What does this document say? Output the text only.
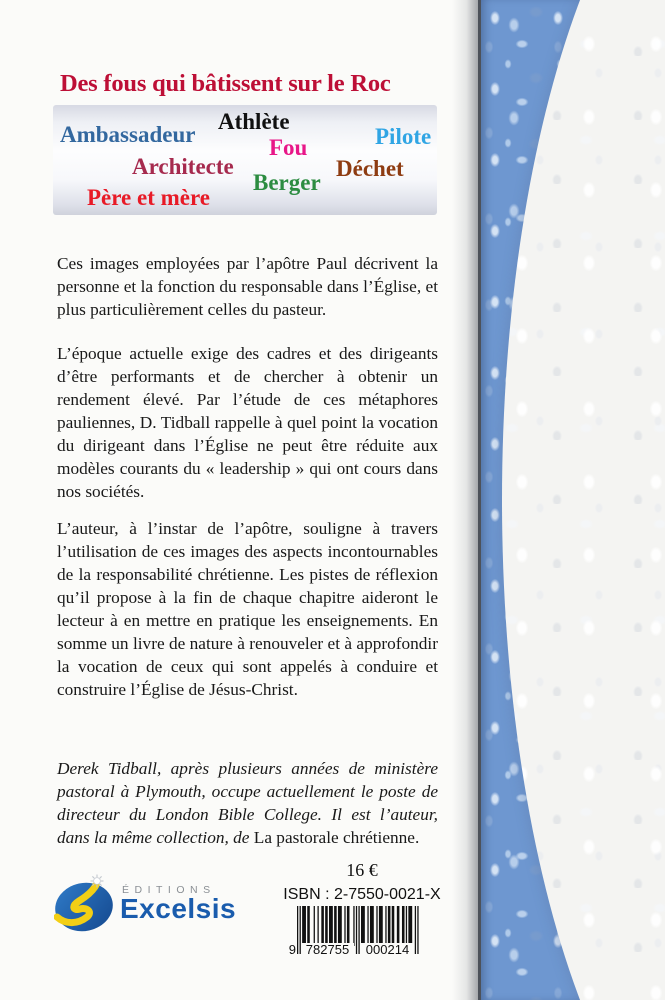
Des fous qui bâtissent sur le Roc
Athlète
Ambassadeur	Pilote
Fou
Architecte	Déchet
Berger
Père et mère

Ces images employées par l’apôtre Paul décrivent la personne et la fonction du responsable dans l’Église, et plus particulièrement celles du pasteur.

L’époque actuelle exige des cadres et des dirigeants d’être performants et de chercher à obtenir un rendement élevé. Par l’étude de ces métaphores pauliennes, D. Tidball rappelle à quel point la vocation du dirigeant dans l’Église ne peut être réduite aux modèles courants du « leadership » qui ont cours dans nos sociétés.

L’auteur, à l’instar de l’apôtre, souligne à travers l’utilisation de ces images des aspects incontournables de la responsabilité chrétienne. Les pistes de réflexion qu’il propose à la fin de chaque chapitre aideront le lecteur à en mettre en pratique les enseignements. En somme un livre de nature à renouveler et à approfondir la vocation de ceux qui sont appelés à conduire et construire l’Église de Jésus-Christ.

Derek Tidball, après plusieurs années de ministère pastoral à Plymouth, occupe actuellement le poste de directeur du London Bible College. Il est l’auteur, dans la même collection, de La pastorale chrétienne.

ÉDITIONS
Excelsis
16 €
ISBN : 2-7550-0021-X
9 782755	000214
